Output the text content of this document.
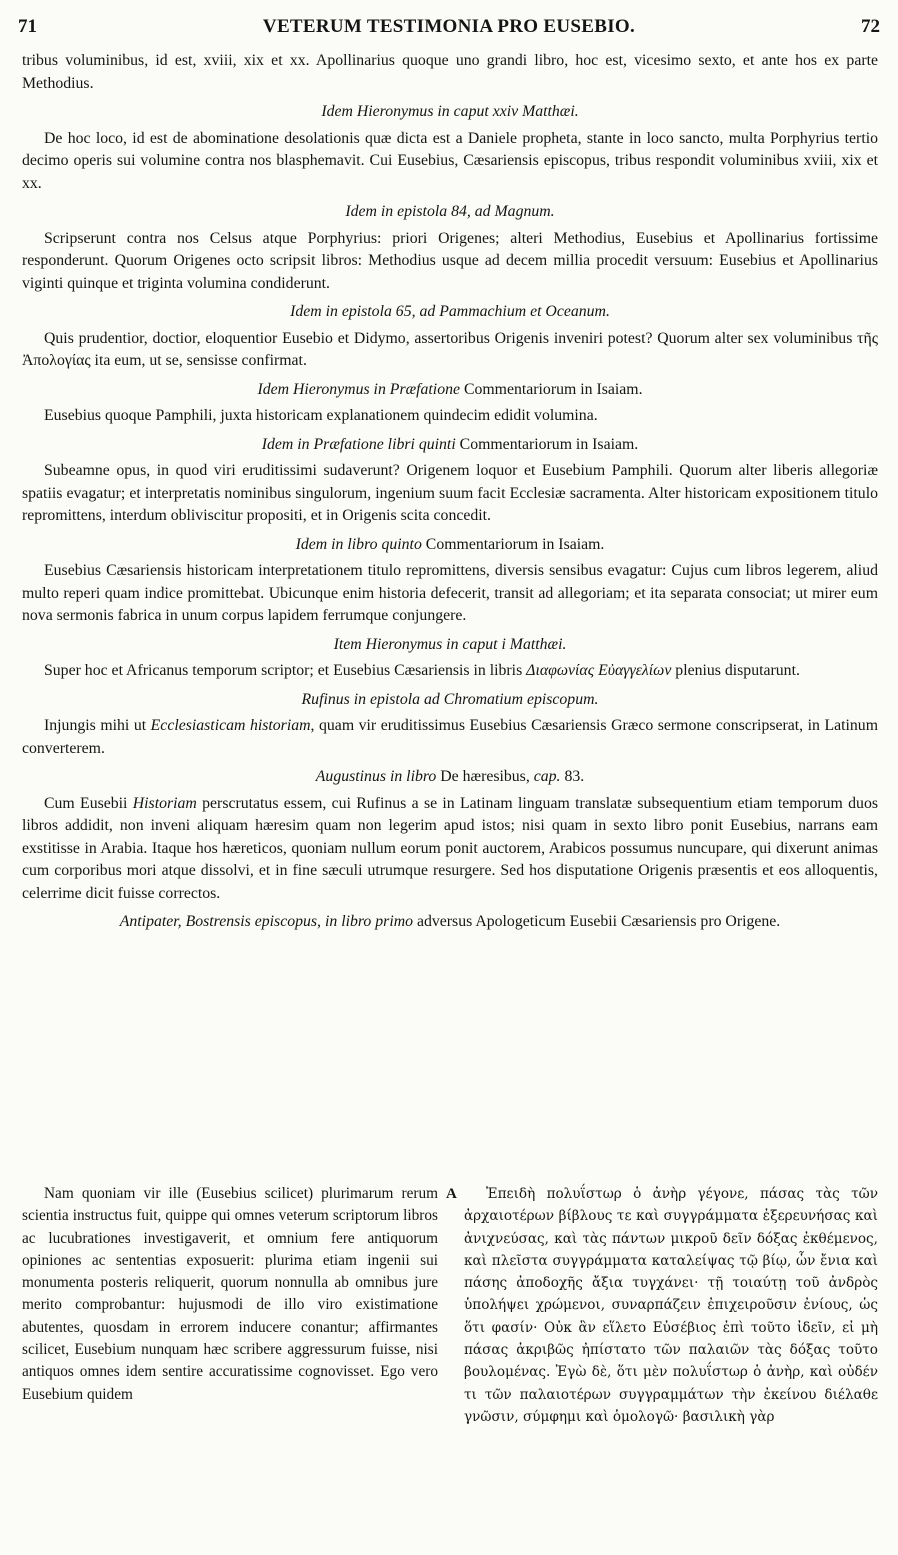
71	VETERUM TESTIMONIA PRO EUSEBIO.	72

tribus voluminibus, id est, xviii, xix et xx. Apollinarius quoque uno grandi libro, hoc est, vicesimo sexto, et ante hos ex parte Methodius.

Idem Hieronymus in caput xxiv Matthæi.

De hoc loco, id est de abominatione desolationis quæ dicta est a Daniele propheta, stante in loco sancto, multa Porphyrius tertio decimo operis sui volumine contra nos blasphemavit. Cui Eusebius, Cæsariensis episcopus, tribus respondit voluminibus xviii, xix et xx.

Idem in epistola 84, ad Magnum.

Scripserunt contra nos Celsus atque Porphyrius: priori Origenes; alteri Methodius, Eusebius et Apollinarius fortissime responderunt. Quorum Origenes octo scripsit libros: Methodius usque ad decem millia procedit versuum: Eusebius et Apollinarius viginti quinque et triginta volumina condiderunt.

Idem in epistola 65, ad Pammachium et Oceanum.

Quis prudentior, doctior, eloquentior Eusebio et Didymo, assertoribus Origenis inveniri potest? Quorum alter sex voluminibus τῆς Ἀπολογίας ita eum, ut se, sensisse confirmat.

Idem Hieronymus in Præfatione Commentariorum in Isaiam.

Eusebius quoque Pamphili, juxta historicam explanationem quindecim edidit volumina.

Idem in Præfatione libri quinti Commentariorum in Isaiam.

Subeamne opus, in quod viri eruditissimi sudaverunt? Origenem loquor et Eusebium Pamphili. Quorum alter liberis allegoriæ spatiis evagatur; et interpretatis nominibus singulorum, ingenium suum facit Ecclesiæ sacramenta. Alter historicam expositionem titulo repromittens, interdum obliviscitur propositi, et in Origenis scita concedit.

Idem in libro quinto Commentariorum in Isaiam.

Eusebius Cæsariensis historicam interpretationem titulo repromittens, diversis sensibus evagatur: Cujus cum libros legerem, aliud multo reperi quam indice promittebat. Ubicunque enim historia defecerit, transit ad allegoriam; et ita separata consociat; ut mirer eum nova sermonis fabrica in unum corpus lapidem ferrumque conjungere.

Item Hieronymus in caput i Matthæi.

Super hoc et Africanus temporum scriptor; et Eusebius Cæsariensis in libris Διαφωνίας Εὐαγγελίων plenius disputarunt.

Rufinus in epistola ad Chromatium episcopum.

Injungis mihi ut Ecclesiasticam historiam, quam vir eruditissimus Eusebius Cæsariensis Græco sermone conscripserat, in Latinum converterem.

Augustinus in libro De hæresibus, cap. 83.

Cum Eusebii Historiam perscrutatus essem, cui Rufinus a se in Latinam linguam translatæ subsequentium etiam temporum duos libros addidit, non inveni aliquam hæresim quam non legerim apud istos; nisi quam in sexto libro ponit Eusebius, narrans eam exstitisse in Arabia. Itaque hos hæreticos, quoniam nullum eorum ponit auctorem, Arabicos possumus nuncupare, qui dixerunt animas cum corporibus mori atque dissolvi, et in fine sæculi utrumque resurgere. Sed hos disputatione Origenis præsentis et eos alloquentis, celerrime dicit fuisse correctos.

Antipater, Bostrensis episcopus, in libro primo adversus Apologeticum Eusebii Cæsariensis pro Origene.
Nam quoniam vir ille (Eusebius scilicet) plurimarum rerum scientia instructus fuit, quippe qui omnes veterum scriptorum libros ac lucubrationes investigaverit, et omnium fere antiquorum opiniones ac sententias exposuerit: plurima etiam ingenii sui monumenta posteris reliquerit, quorum nonnulla ab omnibus jure merito comprobantur: hujusmodi de illo viro existimatione abutentes, quosdam in errorem inducere conantur; affirmantes scilicet, Eusebium nunquam hæc scribere aggressurum fuisse, nisi antiquos omnes idem sentire accuratissime cognovisset. Ego vero Eusebium quidem
A	Ἐπειδὴ πολυΐστωρ ὁ ἀνὴρ γέγονε, πάσας τὰς τῶν ἀρχαιοτέρων βίβλους τε καὶ συγγράμματα ἐξερευνήσας καὶ ἀνιχνεύσας, καὶ τὰς πάντων μικροῦ δεῖν δόξας ἐκθέμενος, καὶ πλεῖστα συγγράμματα καταλείψας τῷ βίῳ, ὧν ἔνια καὶ πάσης ἀποδοχῆς ἄξια τυγχάνει· τῇ τοιαύτῃ τοῦ ἀνδρὸς ὑπολήψει χρώμενοι, συναρπάζειν ἐπιχειροῦσιν ἐνίους, ὡς ὅτι φασίν· Οὐκ ἂν εἵλετο Εὐσέβιος ἐπὶ τοῦτο ἰδεῖν, εἰ μὴ πάσας ἀκριβῶς ἠπίστατο τῶν παλαιῶν τὰς δόξας τοῦτο βουλομένας. Ἐγὼ δὲ, ὅτι μὲν πολυΐστωρ ὁ ἀνὴρ, καὶ οὐδέν τι τῶν παλαιοτέρων συγγραμμάτων τὴν ἐκείνου διέλαθε γνῶσιν, σύμφημι καὶ ὁμολογῶ· βασιλικὴ γὰρ
